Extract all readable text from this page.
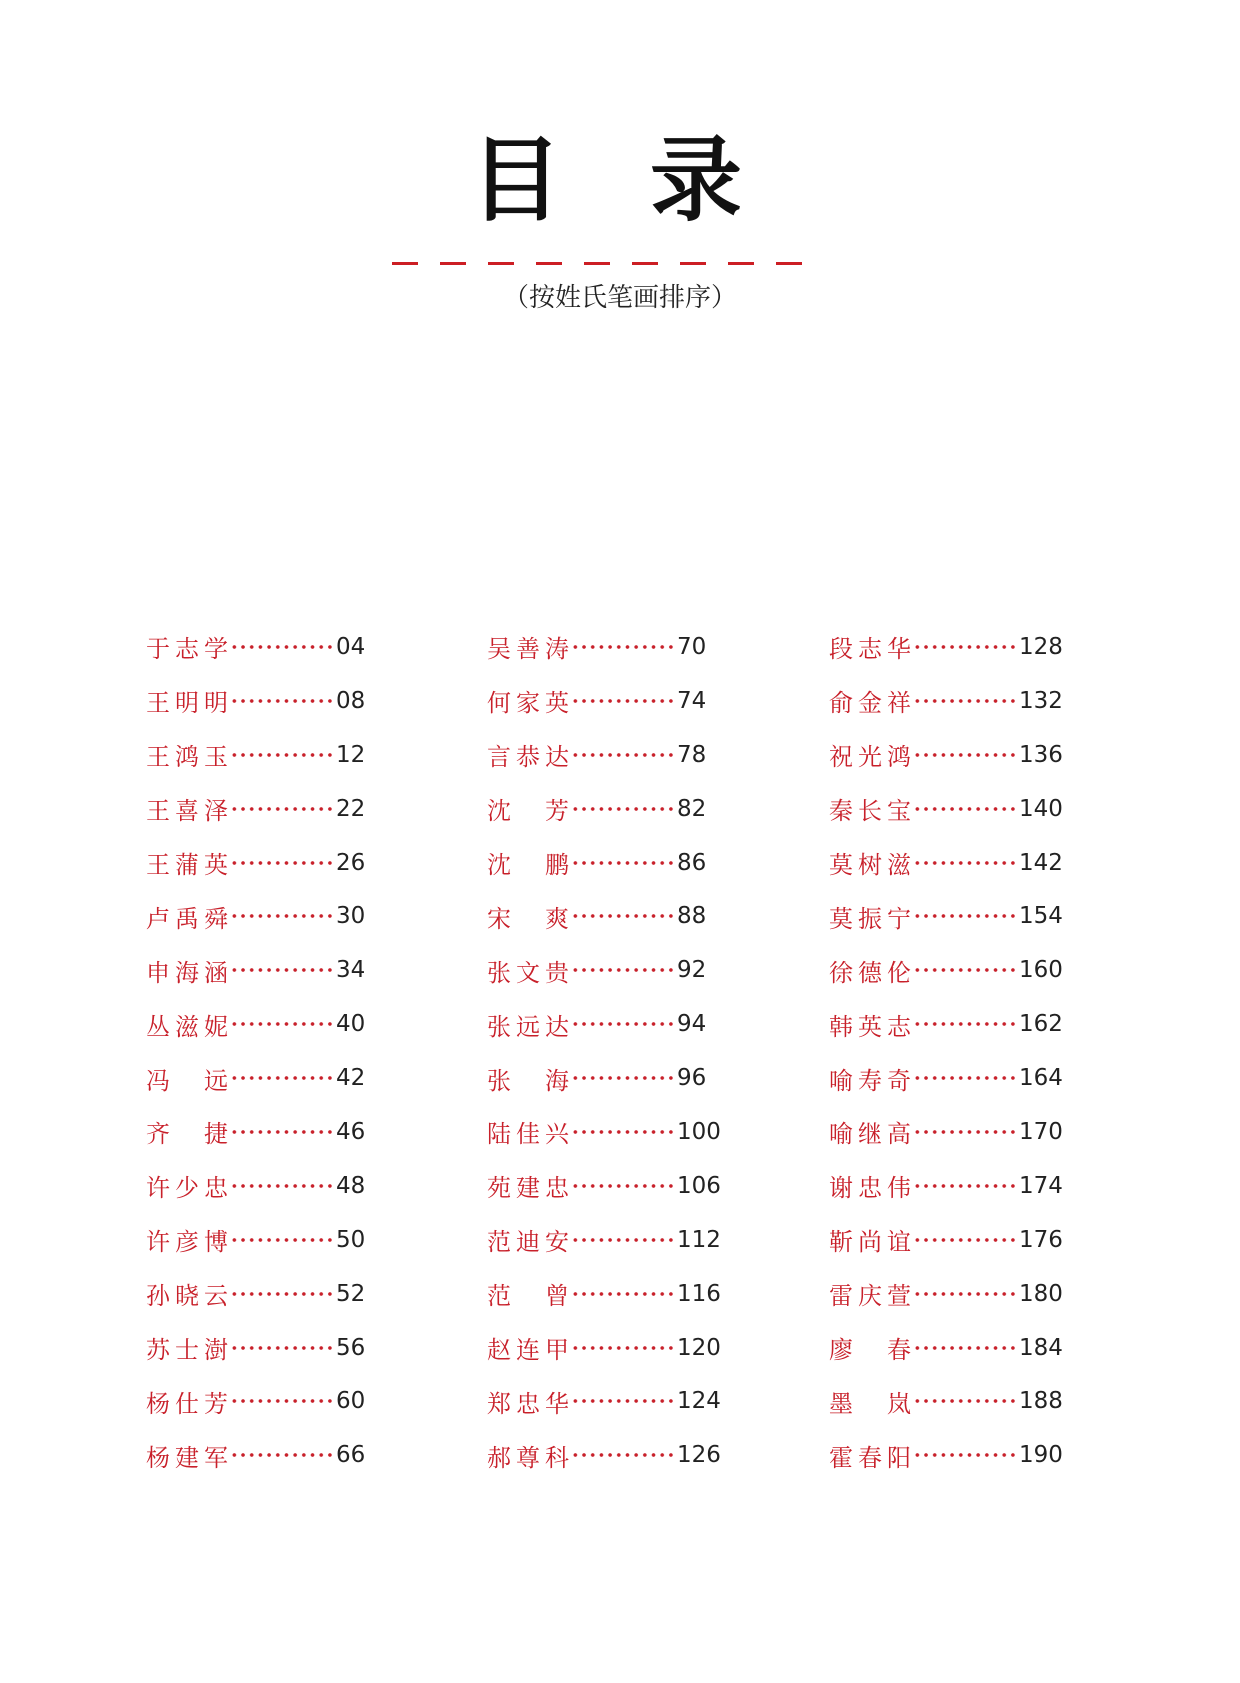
目 录
（按姓氏笔画排序）
于志学	04
王明明	08
王鸿玉	12
王喜泽	22
王蒲英	26
卢禹舜	30
申海涵	34
丛滋妮	40
冯　远	42
齐　捷	46
许少忠	48
许彦博	50
孙晓云	52
苏士澍	56
杨仕芳	60
杨建军	66
吴善涛	70
何家英	74
言恭达	78
沈　芳	82
沈　鹏	86
宋　爽	88
张文贵	92
张远达	94
张　海	96
陆佳兴	100
苑建忠	106
范迪安	112
范　曾	116
赵连甲	120
郑忠华	124
郝尊科	126
段志华	128
俞金祥	132
祝光鸿	136
秦长宝	140
莫树滋	142
莫振宁	154
徐德伦	160
韩英志	162
喻寿奇	164
喻继高	170
谢忠伟	174
靳尚谊	176
雷庆萱	180
廖　春	184
墨　岚	188
霍春阳	190
